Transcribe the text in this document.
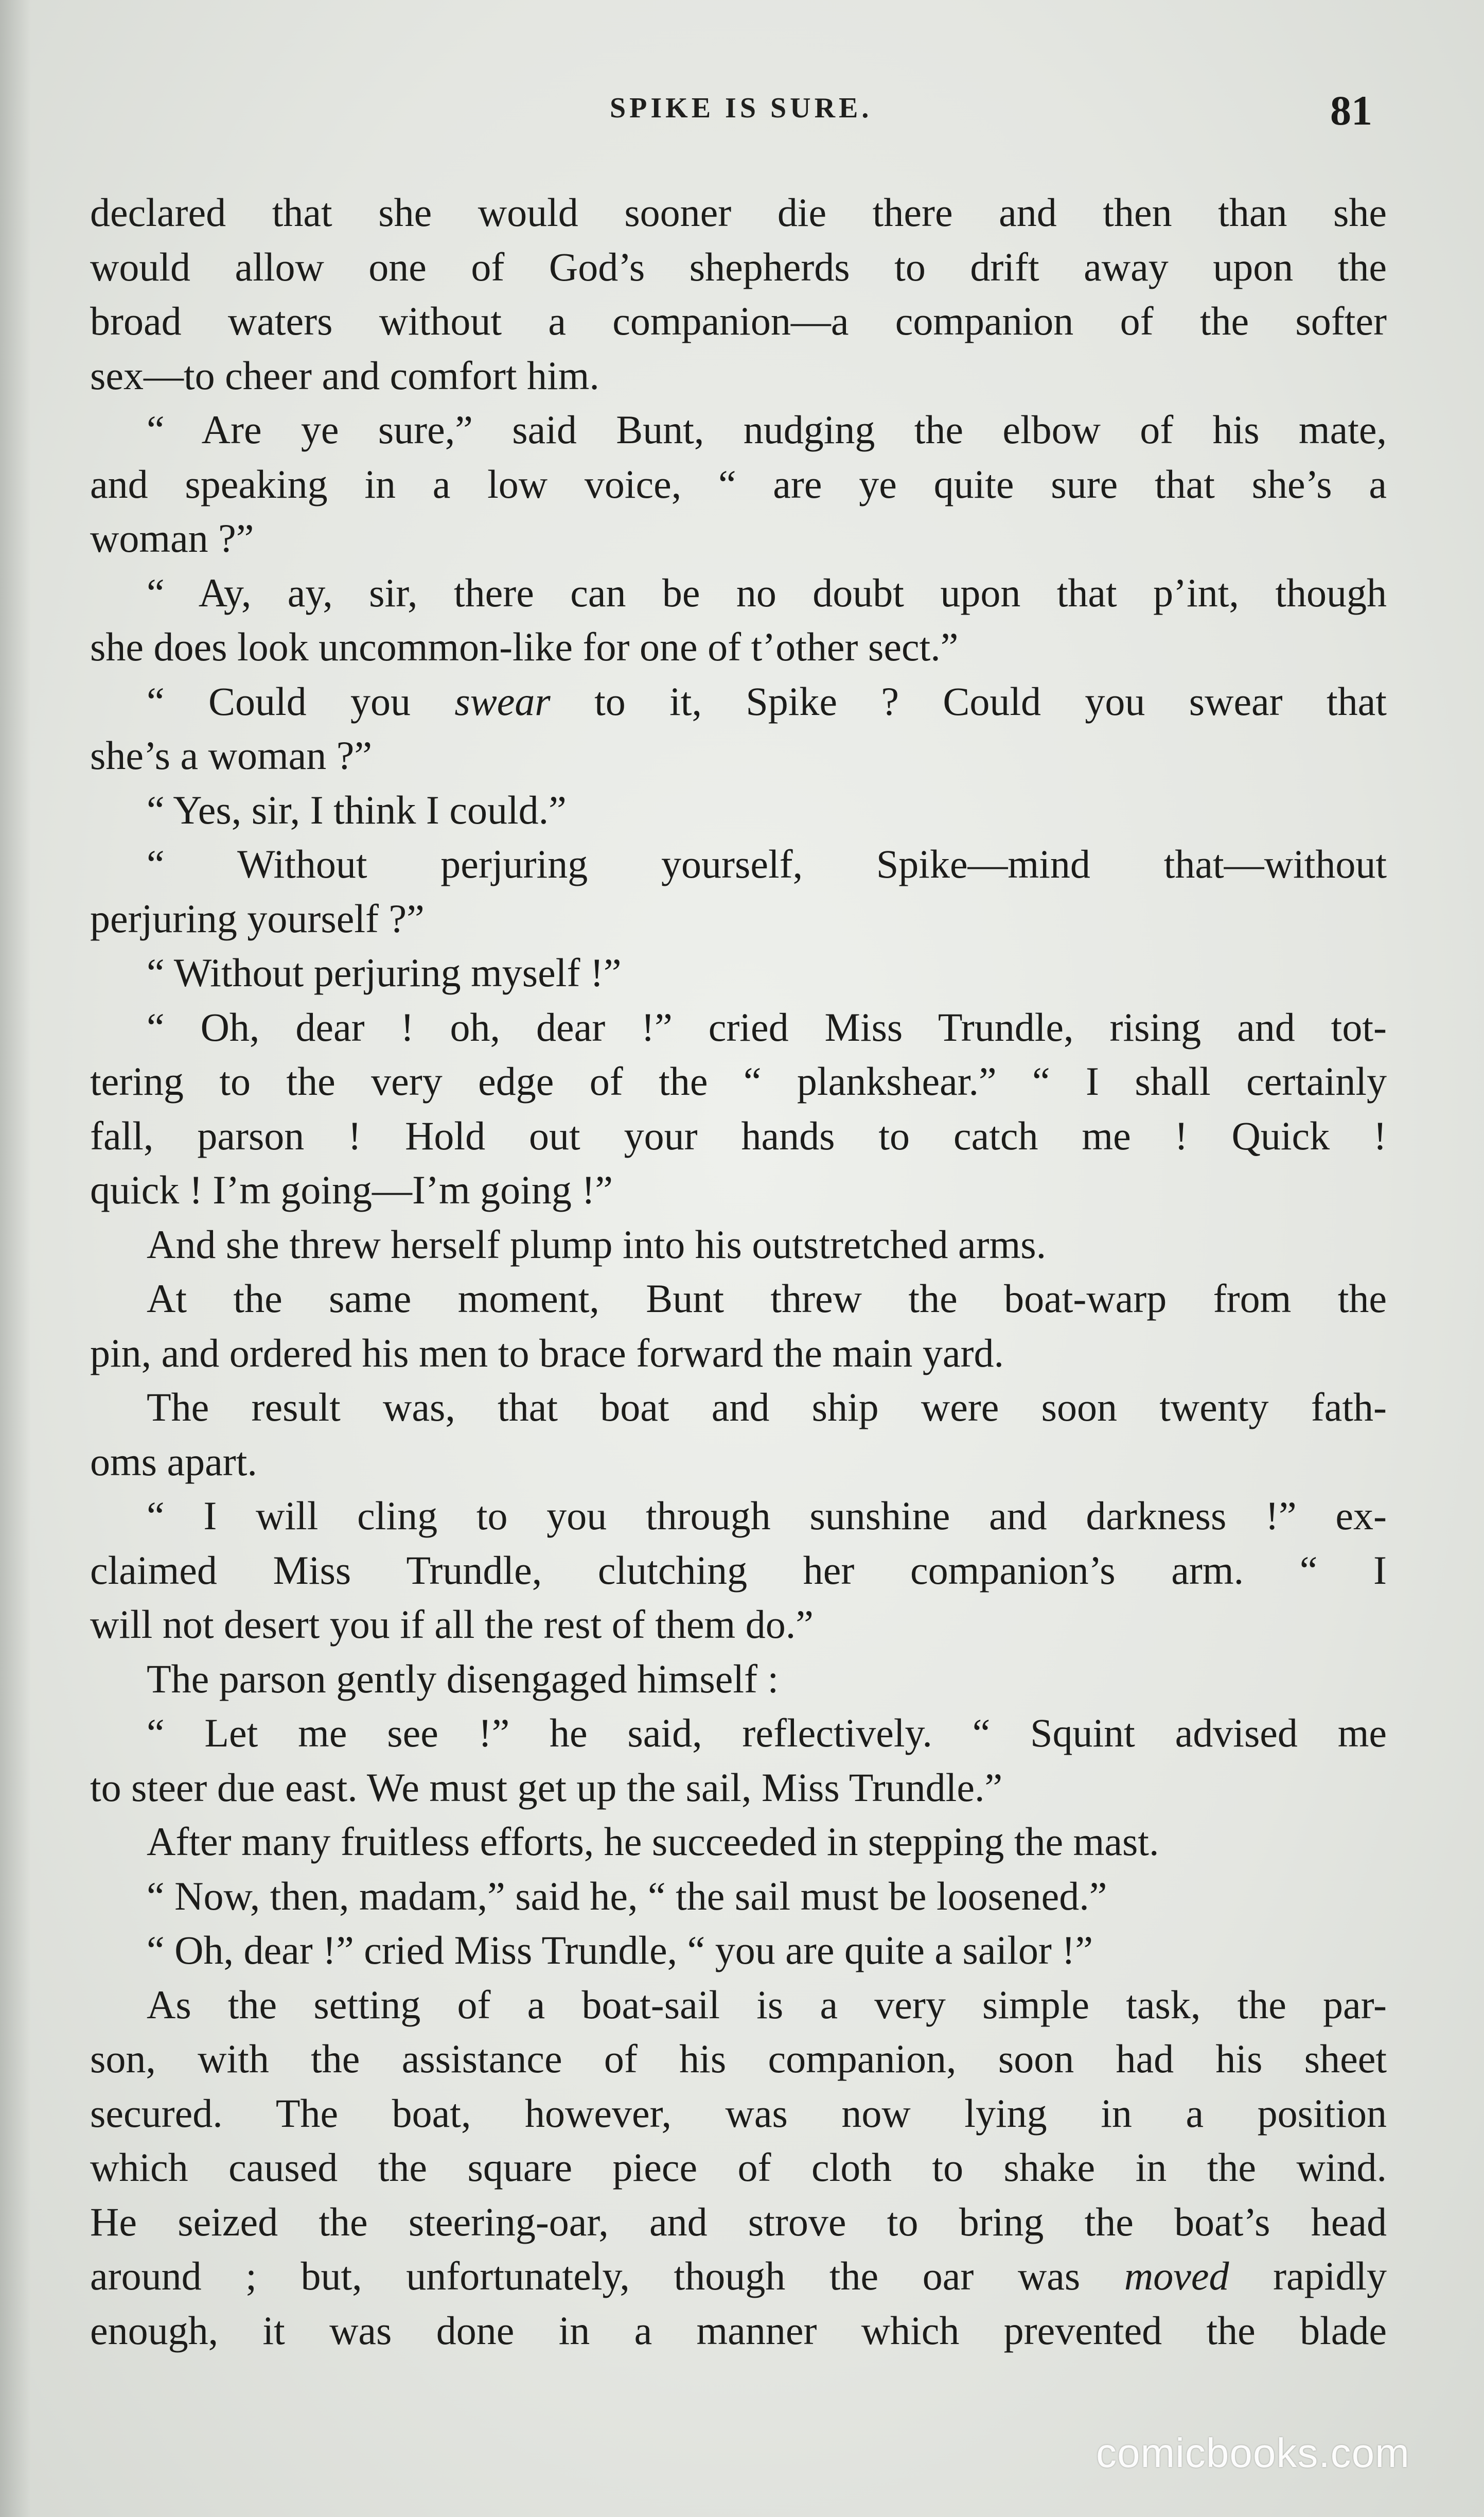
SPIKE IS SURE.	81
declared that she would sooner die there and then than she
would allow one of God’s shepherds to drift away upon the
broad waters without a companion—a companion of the softer
sex—to cheer and comfort him.
“ Are ye sure,” said Bunt, nudging the elbow of his mate,
and speaking in a low voice, “ are ye quite sure that she’s a
woman ?”
“ Ay, ay, sir, there can be no doubt upon that p’int, though
she does look uncommon-like for one of t’other sect.”
“ Could you swear to it, Spike ? Could you swear that
she’s a woman ?”
“ Yes, sir, I think I could.”
“ Without perjuring yourself, Spike—mind that—without
perjuring yourself ?”
“ Without perjuring myself !”
“ Oh, dear ! oh, dear !” cried Miss Trundle, rising and tot-
tering to the very edge of the “ plankshear.” “ I shall certainly
fall, parson ! Hold out your hands to catch me ! Quick !
quick ! I’m going—I’m going !”
And she threw herself plump into his outstretched arms.
At the same moment, Bunt threw the boat-warp from the
pin, and ordered his men to brace forward the main yard.
The result was, that boat and ship were soon twenty fath-
oms apart.
“ I will cling to you through sunshine and darkness !” ex-
claimed Miss Trundle, clutching her companion’s arm. “ I
will not desert you if all the rest of them do.”
The parson gently disengaged himself :
“ Let me see !” he said, reflectively. “ Squint advised me
to steer due east. We must get up the sail, Miss Trundle.”
After many fruitless efforts, he succeeded in stepping the mast.
“ Now, then, madam,” said he, “ the sail must be loosened.”
“ Oh, dear !” cried Miss Trundle, “ you are quite a sailor !”
As the setting of a boat-sail is a very simple task, the par-
son, with the assistance of his companion, soon had his sheet
secured. The boat, however, was now lying in a position
which caused the square piece of cloth to shake in the wind.
He seized the steering-oar, and strove to bring the boat’s head
around ; but, unfortunately, though the oar was moved rapidly
enough, it was done in a manner which prevented the blade
comicbooks.com
